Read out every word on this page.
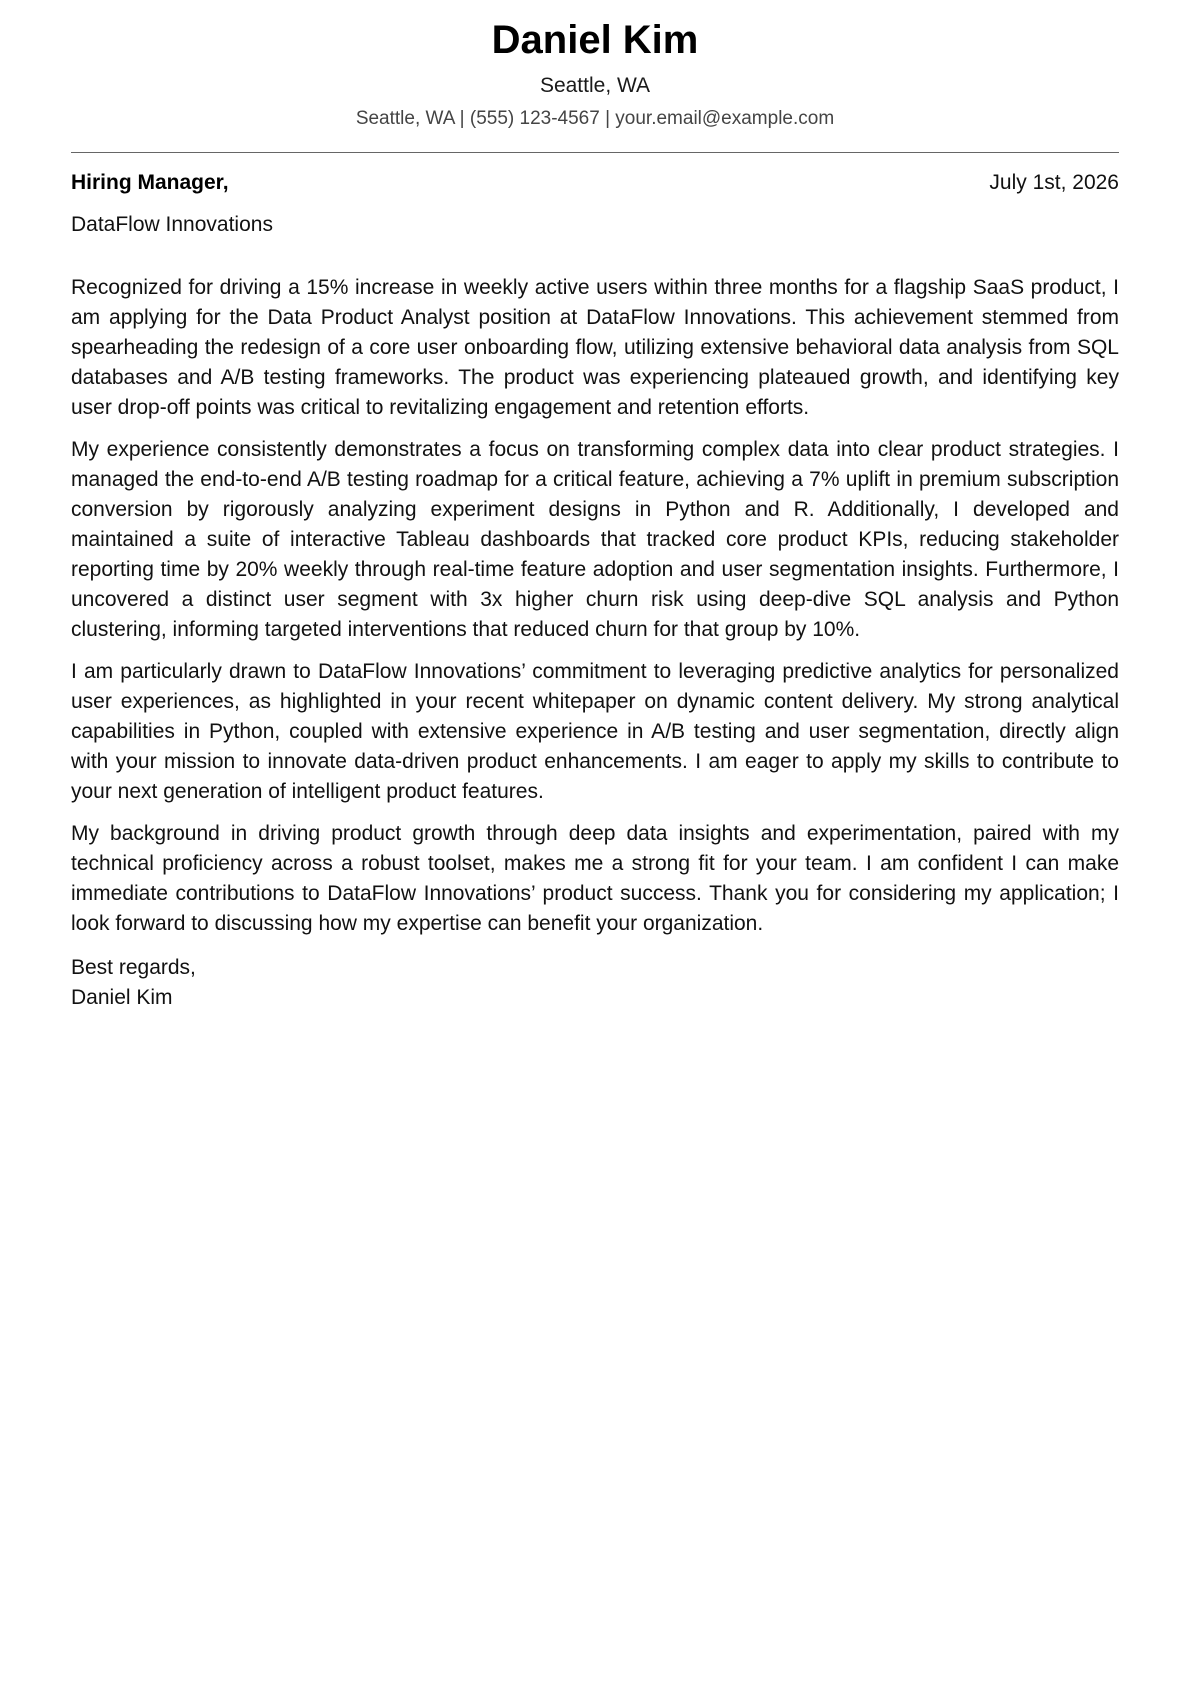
Daniel Kim
Seattle, WA
Seattle, WA | (555) 123-4567 | your.email@example.com
Hiring Manager,	July 1st, 2026
DataFlow Innovations

Recognized for driving a 15% increase in weekly active users within three months for a flagship SaaS product, I am applying for the Data Product Analyst position at DataFlow Innovations. This achievement stemmed from spearheading the redesign of a core user onboarding flow, utilizing extensive behavioral data analysis from SQL databases and A/B testing frameworks. The product was experiencing plateaued growth, and identifying key user drop-off points was critical to revitalizing engagement and retention efforts.

My experience consistently demonstrates a focus on transforming complex data into clear product strategies. I managed the end-to-end A/B testing roadmap for a critical feature, achieving a 7% uplift in premium subscription conversion by rigorously analyzing experiment designs in Python and R. Additionally, I developed and maintained a suite of interactive Tableau dashboards that tracked core product KPIs, reducing stakeholder reporting time by 20% weekly through real-time feature adoption and user segmentation insights. Furthermore, I uncovered a distinct user segment with 3x higher churn risk using deep-dive SQL analysis and Python clustering, informing targeted interventions that reduced churn for that group by 10%.

I am particularly drawn to DataFlow Innovations’ commitment to leveraging predictive analytics for personalized user experiences, as highlighted in your recent whitepaper on dynamic content delivery. My strong analytical capabilities in Python, coupled with extensive experience in A/B testing and user segmentation, directly align with your mission to innovate data-driven product enhancements. I am eager to apply my skills to contribute to your next generation of intelligent product features.

My background in driving product growth through deep data insights and experimentation, paired with my technical proficiency across a robust toolset, makes me a strong fit for your team. I am confident I can make immediate contributions to DataFlow Innovations’ product success. Thank you for considering my application; I look forward to discussing how my expertise can benefit your organization.

Best regards,
Daniel Kim
